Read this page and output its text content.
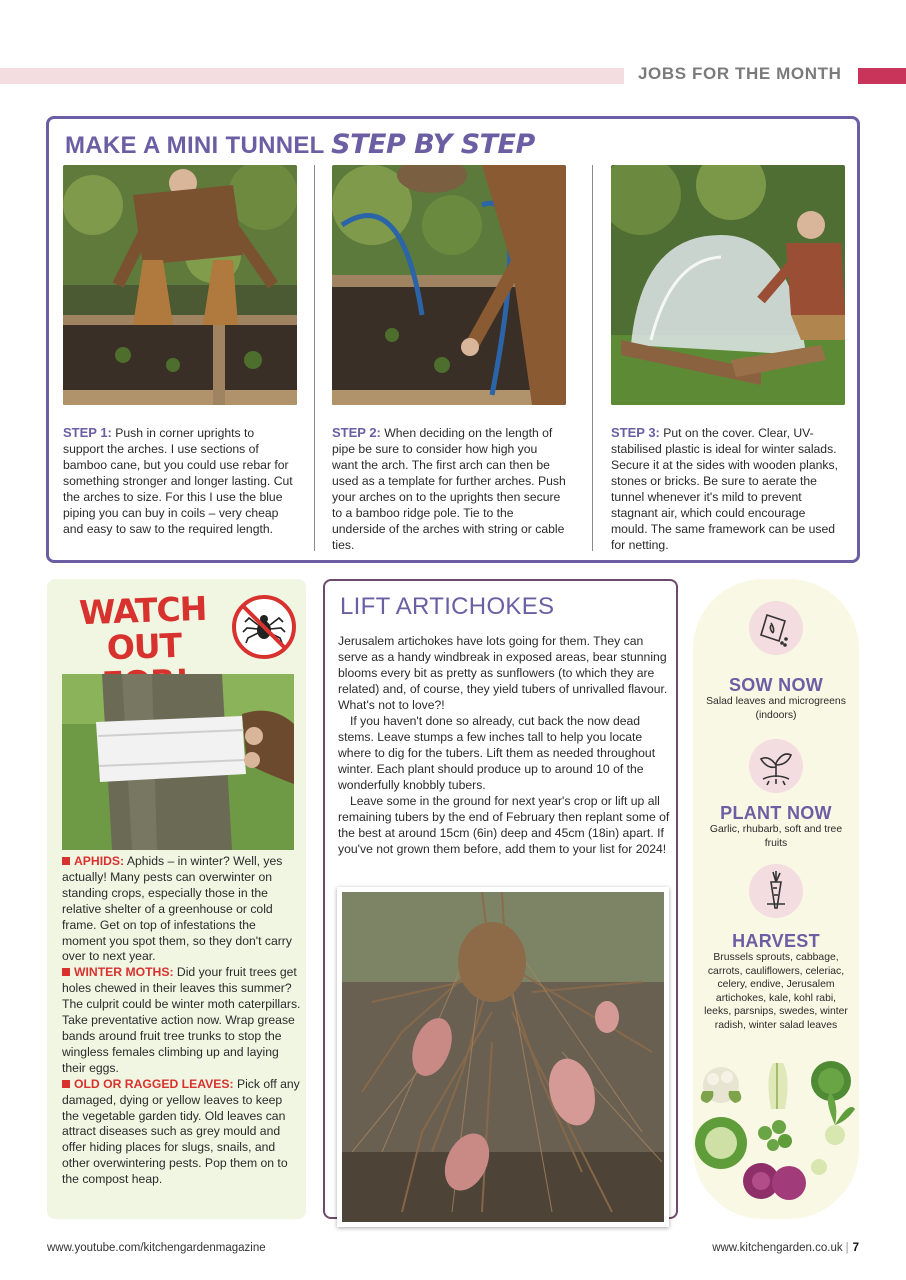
JOBS FOR THE MONTH
MAKE A MINI TUNNEL STEP BY STEP
STEP 1: Push in corner uprights to support the arches. I use sections of bamboo cane, but you could use rebar for something stronger and longer lasting. Cut the arches to size. For this I use the blue piping you can buy in coils – very cheap and easy to saw to the required length.
STEP 2: When deciding on the length of pipe be sure to consider how high you want the arch. The first arch can then be used as a template for further arches. Push your arches on to the uprights then secure to a bamboo ridge pole. Tie to the underside of the arches with string or cable ties.
STEP 3: Put on the cover. Clear, UV-stabilised plastic is ideal for winter salads. Secure it at the sides with wooden planks, stones or bricks. Be sure to aerate the tunnel whenever it's mild to prevent stagnant air, which could encourage mould. The same framework can be used for netting.
WATCH
OUT
APHIDS: Aphids – in winter? Well, yes actually! Many pests can overwinter on standing crops, especially those in the relative shelter of a greenhouse or cold frame. Get on top of infestations the moment you spot them, so they don't carry over to next year.
WINTER MOTHS: Did your fruit trees get holes chewed in their leaves this summer? The culprit could be winter moth caterpillars. Take preventative action now. Wrap grease bands around fruit tree trunks to stop the wingless females climbing up and laying their eggs.
OLD OR RAGGED LEAVES: Pick off any damaged, dying or yellow leaves to keep the vegetable garden tidy. Old leaves can attract diseases such as grey mould and offer hiding places for slugs, snails, and other overwintering pests. Pop them on to the compost heap.
LIFT ARTICHOKES

Jerusalem artichokes have lots going for them. They can serve as a handy windbreak in exposed areas, bear stunning blooms every bit as pretty as sunflowers (to which they are related) and, of course, they yield tubers of unrivalled flavour. What's not to love?!

If you haven't done so already, cut back the now dead stems. Leave stumps a few inches tall to help you locate where to dig for the tubers. Lift them as needed throughout winter. Each plant should produce up to around 10 of the wonderfully knobbly tubers.

Leave some in the ground for next year's crop or lift up all remaining tubers by the end of February then replant some of the best at around 15cm (6in) deep and 45cm (18in) apart. If you've not grown them before, add them to your list for 2024!

SOW NOW
Salad leaves and microgreens (indoors)
PLANT NOW
Garlic, rhubarb, soft and tree fruits
HARVEST
Brussels sprouts, cabbage, carrots, cauliflowers, celeriac, celery, endive, Jerusalem artichokes, kale, kohl rabi, leeks, parsnips, swedes, winter radish, winter salad leaves
www.youtube.com/kitchengardenmagazine	www.kitchengarden.co.uk | 7
